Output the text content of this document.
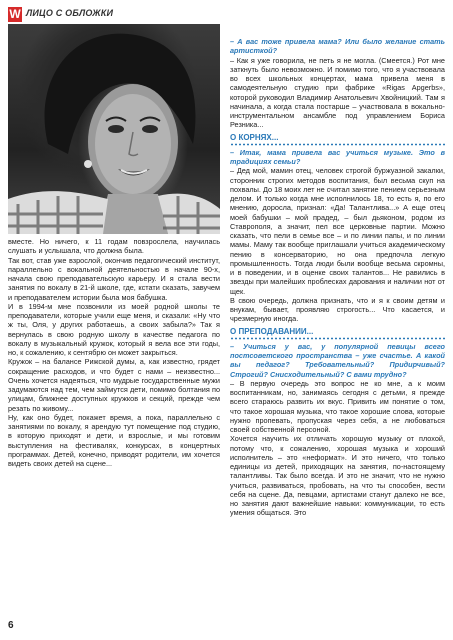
W ЛИЦО С ОБЛОЖКИ

вместе. Но ничего, к 11 годам повзрослела, научилась слушать и услышала, что должна была.

Так вот, став уже взрослой, окончив педагогический институт, параллельно с вокальной деятельностью в начале 90-х, начала свою преподавательскую карьеру. И я стала вести занятия по вокалу в 21-й школе, где, кстати сказать, завучем и преподавателем истории была моя бабушка.

И в 1994-м мне позвонили из моей родной школы те преподаватели, которые учили еще меня, и сказали: «Ну что ж ты, Оля, у других работаешь, а своих забыла?» Так я вернулась в свою родную школу в качестве педагога по вокалу в музыкальный кружок, который я вела все эти годы, но, к сожалению, к сентябрю он может закрыться.

Кружок – на балансе Рижской думы, а, как известно, грядет сокращение расходов, и что будет с нами – неизвестно... Очень хочется надеяться, что мудрые государственные мужи задумаются над тем, чем займутся дети, помимо болтания по улицам, ближнее доступных кружков и секций, прежде чем резать по живому...

Ну, как оно будет, покажет время, а пока, параллельно с занятиями по вокалу, я арендую тут помещение под студию, в которую приходят и дети, и взрослые, и мы готовим выступления на фестивалях, конкурсах, в концертных программах. Детей, конечно, приводят родители, им хочется видеть своих детей на сцене...

– А вас тоже привела мама? Или было желание стать артисткой?

– Как я уже говорила, не петь я не могла. (Смеется.) Рот мне заткнуть было невозможно. И помимо того, что я участвовала во всех школьных концертах, мама привела меня в самодеятельную студию при фабрике «Rigas Apgerbs», которой руководил Владимир Анатольевич Хвойницкий. Там я начинала, а когда стала постарше – участвовала в вокально-инструментальном ансамбле под управлением Бориса Резника...

О КОРНЯХ...

– Итак, мама привела вас учиться музыке. Это в традициях семьи?

– Дед мой, мамин отец, человек строгой буржуазной закалки, сторонник строгих методов воспитания, был весьма скуп на похвалы. До 18 моих лет не считал занятие пением серьезным делом. И только когда мне исполнилось 18, то есть я, по его мнению, доросла, признал: «Да! Талантлива...» А еще отец моей бабушки – мой прадед, – был дьяконом, родом из Ставрополя, а значит, пел все церковные партии. Можно сказать, что пели в семье все – и по линии папы, и по линии мамы. Маму так вообще приглашали учиться академическому пению в консерваторию, но она предпочла легкую промышленность. Тогда люди были вообще весьма скромны, и в поведении, и в оценке своих талантов... Не равились в звезды при малейших проблесках дарования и наличии нот от щек.

В свою очередь, должна признать, что и я к своим детям и внукам, бывает, проявляю строгость... Что касается, и чрезмерную иногда.

О ПРЕПОДАВАНИИ...

– Учиться у вас, у популярной певицы всего постсоветского пространства – уже счастье. А какой вы педагог? Требовательный? Придирчивый? Строгий? Снисходительный? С вами трудно?

– В первую очередь это вопрос не ко мне, а к моим воспитанникам, но, занимаясь сегодня с детьми, я прежде всего стараюсь развить их вкус. Привить им понятие о том, что такое хорошая музыка, что такое хорошие слова, которые нужно пропевать, пропуская через себя, а не любоваться своей собственной персоной.

Хочется научить их отличать хорошую музыку от плохой, потому что, к сожалению, хорошая музыка и хороший исполнитель – это «неформат». И это ничего, что только единицы из детей, приходящих на занятия, по-настоящему талантливы. Так было всегда. И это не значит, что не нужно учиться, развиваться, пробовать, на что ты способен, вести себя на сцене. Да, певцами, артистами станут далеко не все, но занятия дают важнейшие навыки: коммуникации, то есть умения общаться. Это

6
